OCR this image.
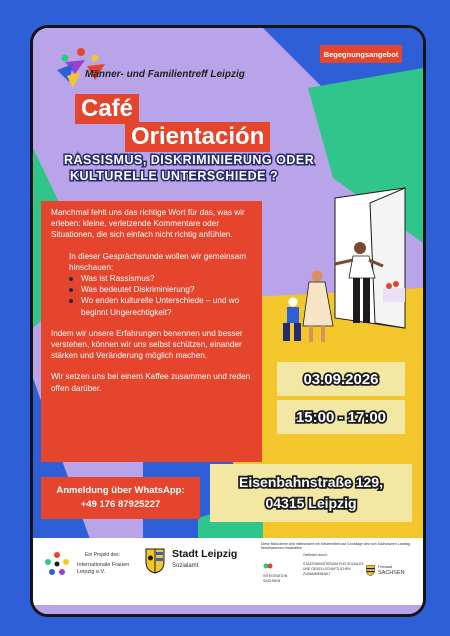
Männer- und Familientreff Leipzig
Begegnungsangebot
Café
Orientación
RASSISMUS, DISKRIMINIERUNG ODER
KULTURELLE UNTERSCHIEDE ?

Manchmal fehlt uns das richtige Wort für das, was wir erleben: kleine, verletzende Kommentare oder Situationen, die sich einfach nicht richtig anfühlen.

In dieser Gesprächsrunde wollen wir gemeinsam hinschauen:

Was ist Rassismus?
Was bedeutet Diskriminierung?
Wo enden kulturelle Unterschiede – und wo beginnt Ungerechtigkeit?

Indem wir unsere Erfahrungen benennen und besser verstehen, können wir uns selbst schützen, einander stärken und Veränderung möglich machen.

Wir setzen uns bei einem Kaffee zusammen und reden offen darüber.

03.09.2026
15:00 - 17:00
Anmeldung über WhatsApp:
+49 176 87925227
Eisenbahnstraße 129,
04315 Leipzig
Ein Projekt des:
Internationale Frauen
Leipzig e.V.
Stadt Leipzig
Sozialamt
Diese Maßnahme wird mitfinanziert mit Steuermitteln auf Grundlage des vom Sächsischen Landtag beschlossenen Haushaltes.
Gefördert durch:
INTEGRATION
SACHSEN
STAATSMINISTERIUM FÜR SOZIALES
UND GESELLSCHAFTLICHEN
ZUSAMMENHALT
Freistaat
SACHSEN
